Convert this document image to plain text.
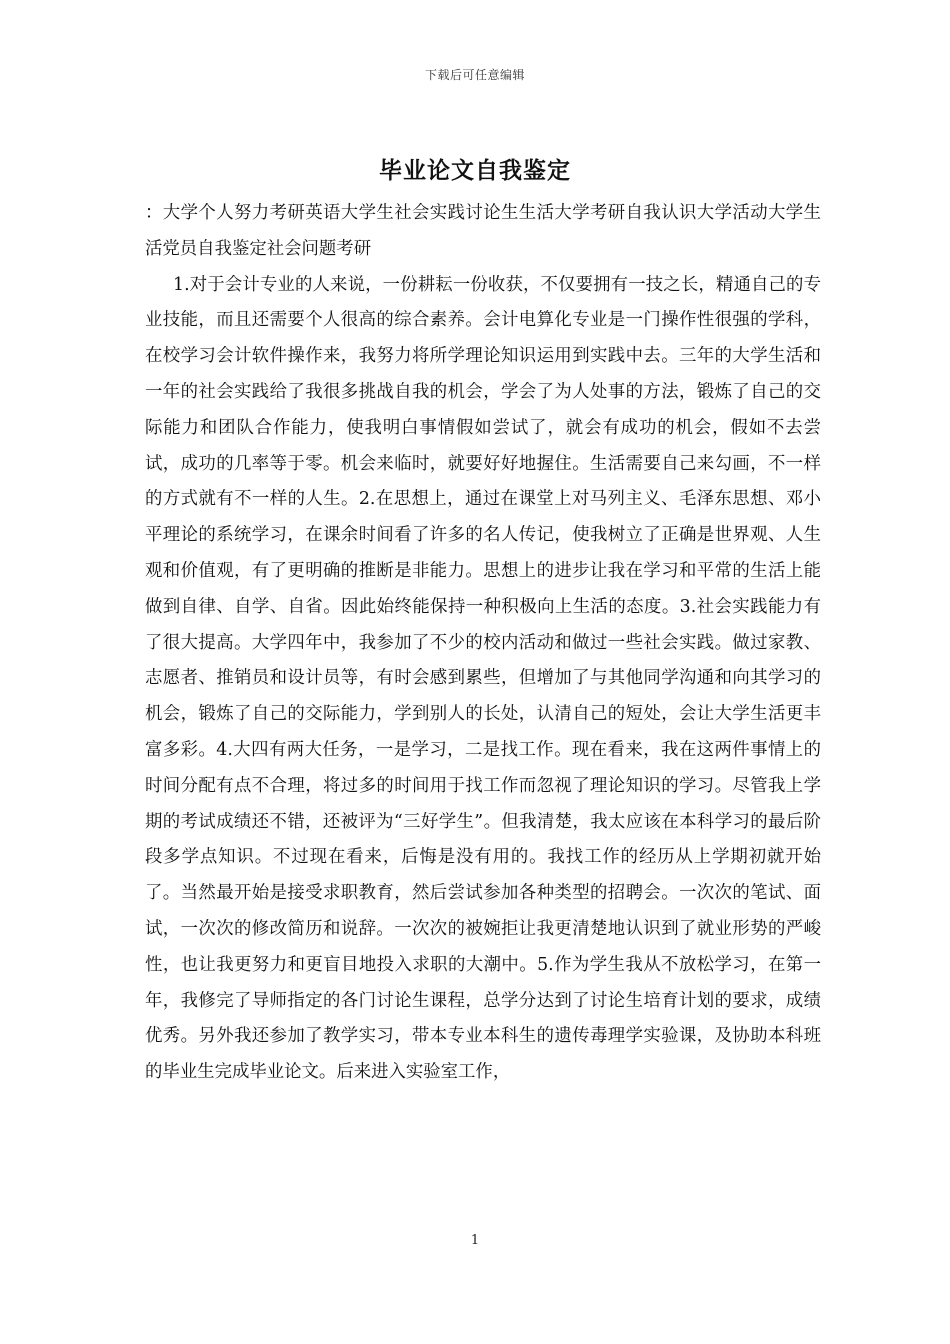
下载后可任意编辑
毕业论文自我鉴定

：大学个人努力考研英语大学生社会实践讨论生生活大学考研自我认识大学活动大学生活党员自我鉴定社会问题考研

1.对于会计专业的人来说，一份耕耘一份收获，不仅要拥有一技之长，精通自己的专业技能，而且还需要个人很高的综合素养。会计电算化专业是一门操作性很强的学科，在校学习会计软件操作来，我努力将所学理论知识运用到实践中去。三年的大学生活和一年的社会实践给了我很多挑战自我的机会，学会了为人处事的方法，锻炼了自己的交际能力和团队合作能力，使我明白事情假如尝试了，就会有成功的机会，假如不去尝试，成功的几率等于零。机会来临时，就要好好地握住。生活需要自己来勾画，不一样的方式就有不一样的人生。2.在思想上，通过在课堂上对马列主义、毛泽东思想、邓小平理论的系统学习，在课余时间看了许多的名人传记，使我树立了正确是世界观、人生观和价值观，有了更明确的推断是非能力。思想上的进步让我在学习和平常的生活上能做到自律、自学、自省。因此始终能保持一种积极向上生活的态度。3.社会实践能力有了很大提高。大学四年中，我参加了不少的校内活动和做过一些社会实践。做过家教、志愿者、推销员和设计员等，有时会感到累些，但增加了与其他同学沟通和向其学习的机会，锻炼了自己的交际能力，学到别人的长处，认清自己的短处，会让大学生活更丰富多彩。4.大四有两大任务，一是学习，二是找工作。现在看来，我在这两件事情上的时间分配有点不合理，将过多的时间用于找工作而忽视了理论知识的学习。尽管我上学期的考试成绩还不错，还被评为“三好学生”。但我清楚，我太应该在本科学习的最后阶段多学点知识。不过现在看来，后悔是没有用的。我找工作的经历从上学期初就开始了。当然最开始是接受求职教育，然后尝试参加各种类型的招聘会。一次次的笔试、面试，一次次的修改简历和说辞。一次次的被婉拒让我更清楚地认识到了就业形势的严峻性，也让我更努力和更盲目地投入求职的大潮中。5.作为学生我从不放松学习，在第一年，我修完了导师指定的各门讨论生课程，总学分达到了讨论生培育计划的要求，成绩优秀。另外我还参加了教学实习，带本专业本科生的遗传毒理学实验课，及协助本科班的毕业生完成毕业论文。后来进入实验室工作，

1
